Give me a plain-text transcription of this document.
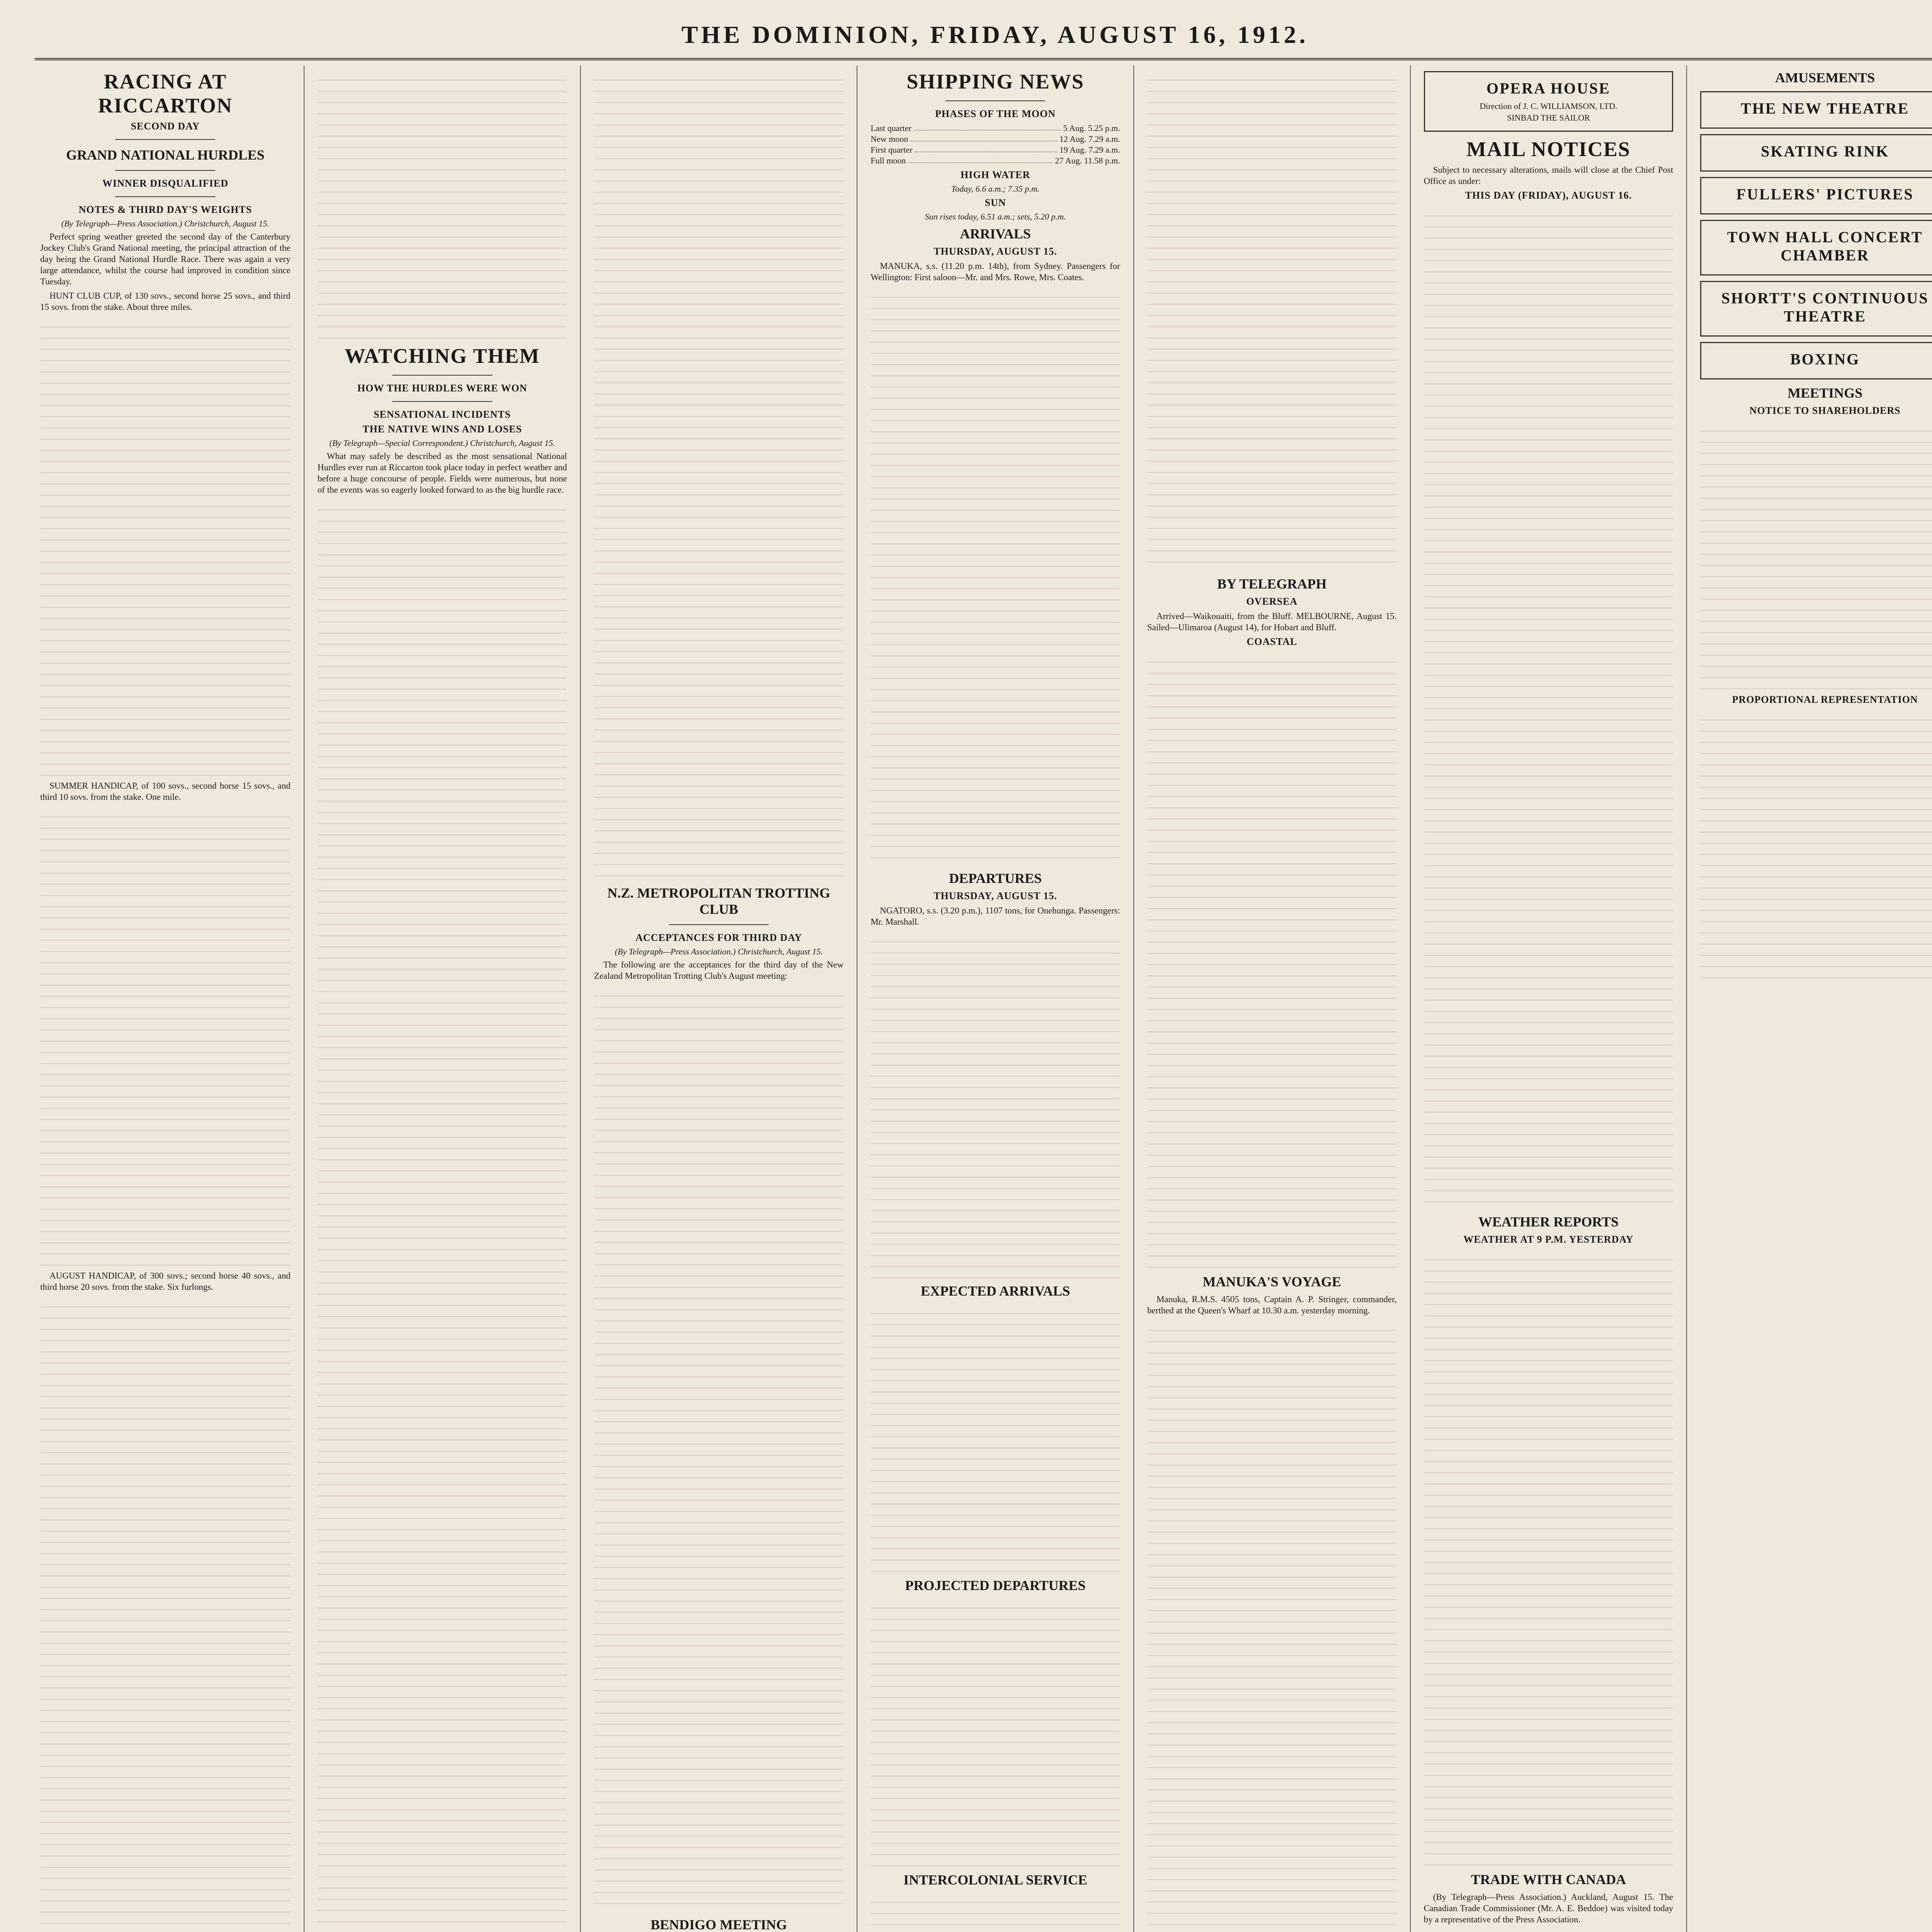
THE DOMINION, FRIDAY, AUGUST 16, 1912.
RACING AT RICCARTON
SECOND DAY
GRAND NATIONAL HURDLES
WINNER DISQUALIFIED
NOTES & THIRD DAY'S WEIGHTS
(By Telegraph—Press Association.) Christchurch, August 15.

Perfect spring weather greeted the second day of the Canterbury Jockey Club's Grand National meeting, the principal attraction of the day being the Grand National Hurdle Race. There was again a very large attendance, whilst the course had improved in condition since Tuesday.

HUNT CLUB CUP, of 130 sovs., second horse 25 sovs., and third 15 sovs. from the stake. About three miles.

SUMMER HANDICAP, of 100 sovs., second horse 15 sovs., and third 10 sovs. from the stake. One mile.

AUGUST HANDICAP, of 300 sovs.; second horse 40 sovs., and third horse 20 sovs. from the stake. Six furlongs.

WATCHING THEM
HOW THE HURDLES WERE WON
SENSATIONAL INCIDENTS
THE NATIVE WINS AND LOSES
(By Telegraph—Special Correspondent.) Christchurch, August 15.

What may safely be described as the most sensational National Hurdles ever run at Riccarton took place today in perfect weather and before a huge concourse of people. Fields were numerous, but none of the events was so eagerly looked forward to as the big hurdle race.

N.Z. METROPOLITAN TROTTING CLUB
ACCEPTANCES FOR THIRD DAY
(By Telegraph—Press Association.) Christchurch, August 15.

The following are the acceptances for the third day of the New Zealand Metropolitan Trotting Club's August meeting:

BENDIGO MEETING

SHIPPING NEWS
PHASES OF THE MOON
Last quarter	5 Aug. 5.25 p.m.
New moon	12 Aug. 7.29 a.m.
First quarter	19 Aug. 7.29 a.m.
Full moon	27 Aug. 11.58 p.m.
HIGH WATER
Today, 6.6 a.m.; 7.35 p.m.
SUN
Sun rises today, 6.51 a.m.; sets, 5.20 p.m.
ARRIVALS
THURSDAY, AUGUST 15.

MANUKA, s.s. (11.20 p.m. 14th), from Sydney. Passengers for Wellington: First saloon—Mr. and Mrs. Rowe, Mrs. Coates.

DEPARTURES
THURSDAY, AUGUST 15.

NGATORO, s.s. (3.20 p.m.), 1107 tons, for Onehunga. Passengers: Mr. Marshall.

EXPECTED ARRIVALS
PROJECTED DEPARTURES
INTERCOLONIAL SERVICE
BY TELEGRAPH
OVERSEA

Arrived—Waikouaiti, from the Bluff. MELBOURNE, August 15. Sailed—Ulimaroa (August 14), for Hobart and Bluff.

COASTAL
MANUKA'S VOYAGE

Manuka, R.M.S. 4505 tons, Captain A. P. Stringer, commander, berthed at the Queen's Wharf at 10.30 a.m. yesterday morning.

OPERA HOUSE
Direction of J. C. WILLIAMSON, LTD.
SINBAD THE SAILOR
MAIL NOTICES

Subject to necessary alterations, mails will close at the Chief Post Office as under:

THIS DAY (FRIDAY), AUGUST 16.
WEATHER REPORTS
WEATHER AT 9 P.M. YESTERDAY
TRADE WITH CANADA

(By Telegraph—Press Association.) Auckland, August 15. The Canadian Trade Commissioner (Mr. A. E. Beddoe) was visited today by a representative of the Press Association.

AMUSEMENTS
THE NEW THEATRE
SKATING RINK
FULLERS' PICTURES
TOWN HALL CONCERT CHAMBER
SHORTT'S CONTINUOUS THEATRE
BOXING
MEETINGS
NOTICE TO SHAREHOLDERS
PROPORTIONAL REPRESENTATION
